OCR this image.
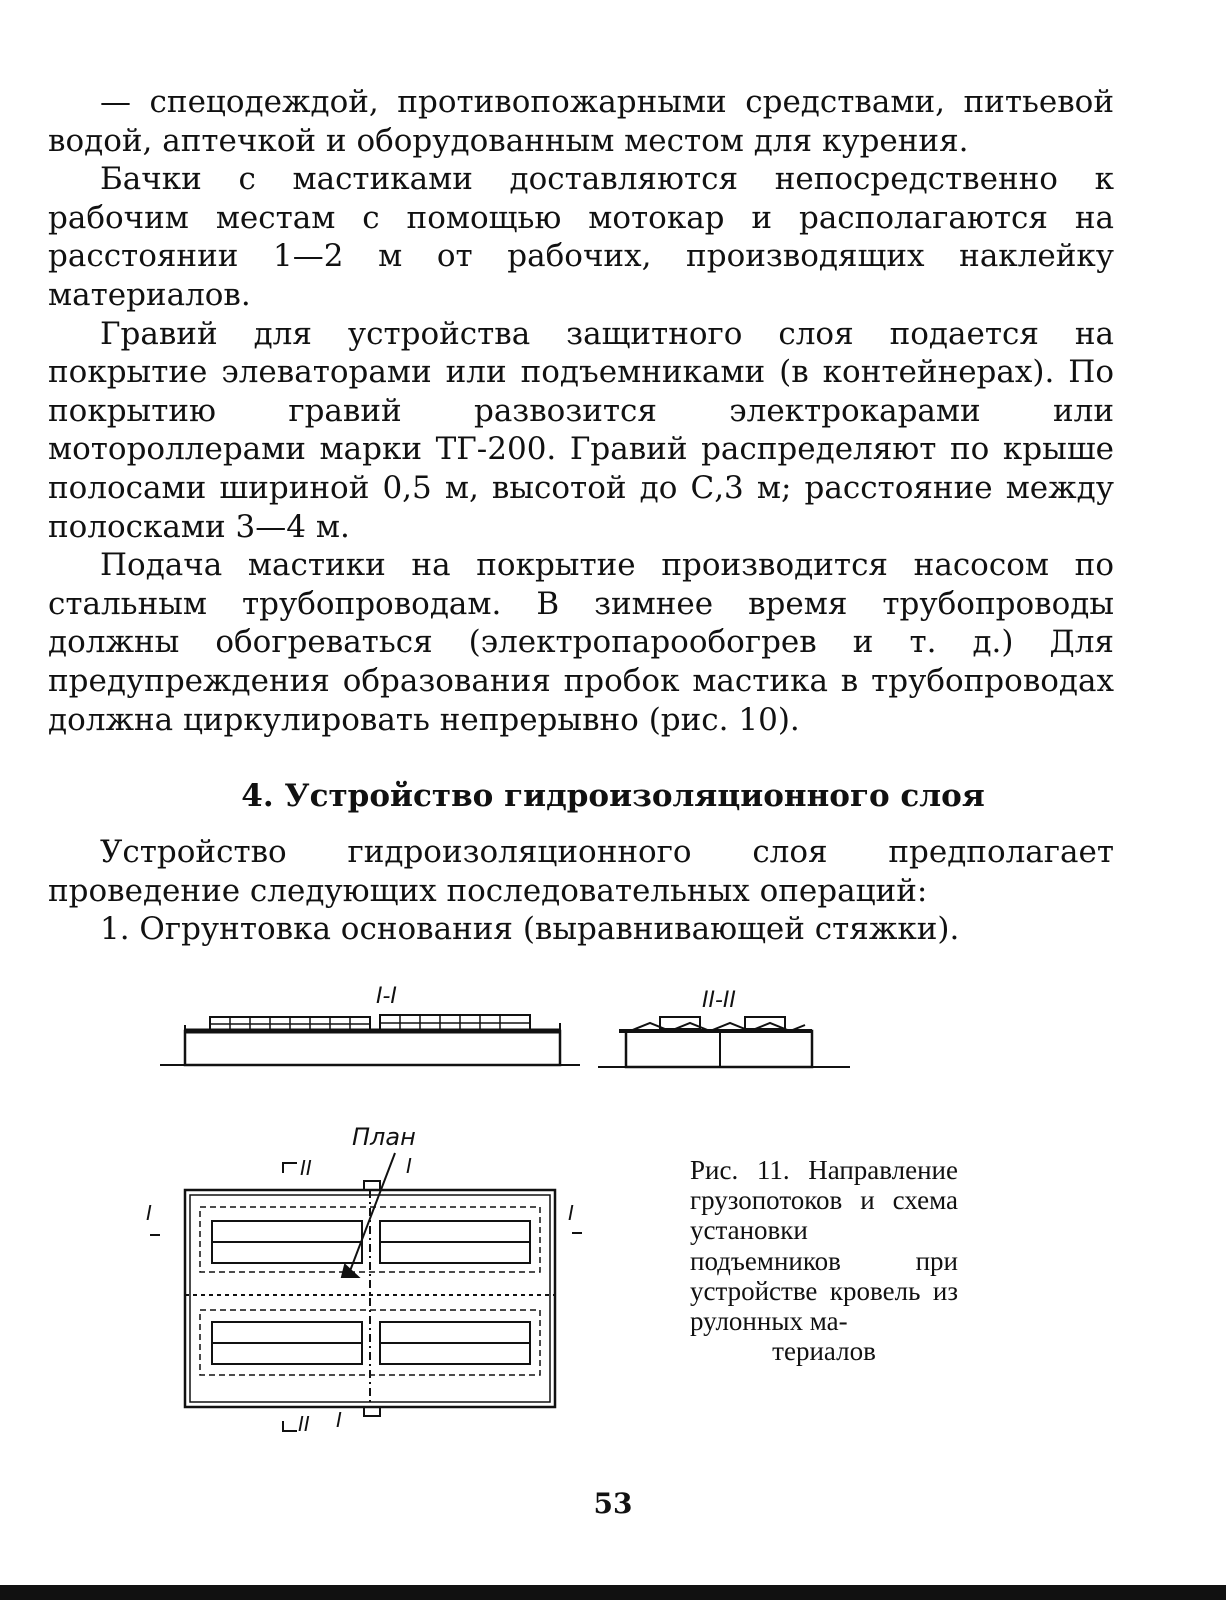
— спецодеждой, противопожарными средствами, питьевой водой, аптечкой и оборудованным местом для курения.

Бачки с мастиками доставляются непосредственно к рабочим местам с помощью мотокар и располагаются на расстоянии 1—2 м от рабочих, производящих наклейку материалов.

Гравий для устройства защитного слоя подается на покрытие элеваторами или подъемниками (в контейнерах). По покрытию гравий развозится электрокарами или мотороллерами марки ТГ-200. Гравий распределяют по крыше полосами шириной 0,5 м, высотой до С,3 м; расстояние между полосками 3—4 м.

Подача мастики на покрытие производится насосом по стальным трубопроводам. В зимнее время трубопроводы должны обогреваться (электропарообогрев и т. д.) Для предупреждения образования пробок мастика в трубопроводах должна циркулировать непрерывно (рис. 10).

4. Устройство гидроизоляционного слоя

Устройство гидроизоляционного слоя предполагает проведение следующих последовательных операций:

1. Огрунтовка основания (выравнивающей стяжки).

I-I	II-II
План
I
II
I	I
II I
Рис. 11. Направление грузопотоков и схема установки подъемников при устройстве кровель из рулонных ма-
териалов
53
